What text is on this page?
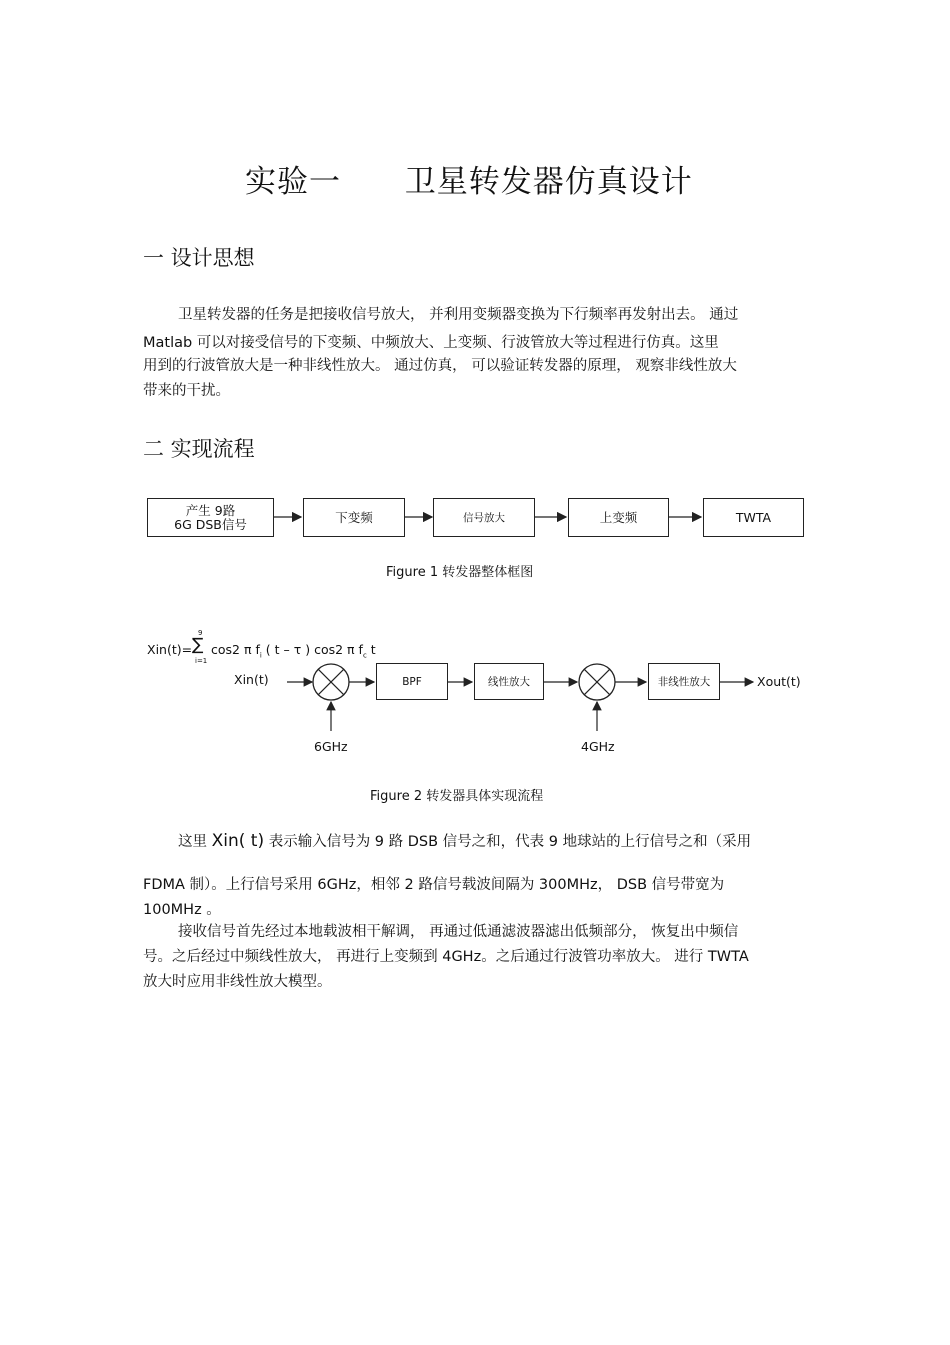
实验一 卫星转发器仿真设计
一 设计思想
卫星转发器的任务是把接收信号放大， 并利用变频器变换为下行频率再发射出去。 通过
Matlab 可以对接受信号的下变频、中频放大、上变频、行波管放大等过程进行仿真。这里
用到的行波管放大是一种非线性放大。 通过仿真， 可以验证转发器的原理， 观察非线性放大
带来的干扰。
二 实现流程
产生 9路
6G DSB信号	下变频	信号放大	上变频	TWTA
Figure 1 转发器整体框图
Xin(t)=
9
∑
i=1
cos2 π $f_i$ ( t – τ ) cos2 π $f_c$ t
Xin(t)	BPF	线性放大	非线性放大	Xout(t)
6GHz	4GHz
Figure 2 转发器具体实现流程
这里 Xin( t) 表示输入信号为 9 路 DSB 信号之和，代表 9 地球站的上行信号之和（采用
FDMA 制）。上行信号采用 6GHz，相邻 2 路信号载波间隔为 300MHz， DSB 信号带宽为
100MHz 。
接收信号首先经过本地载波相干解调， 再通过低通滤波器滤出低频部分， 恢复出中频信
号。之后经过中频线性放大， 再进行上变频到 4GHz。之后通过行波管功率放大。 进行 TWTA
放大时应用非线性放大模型。
